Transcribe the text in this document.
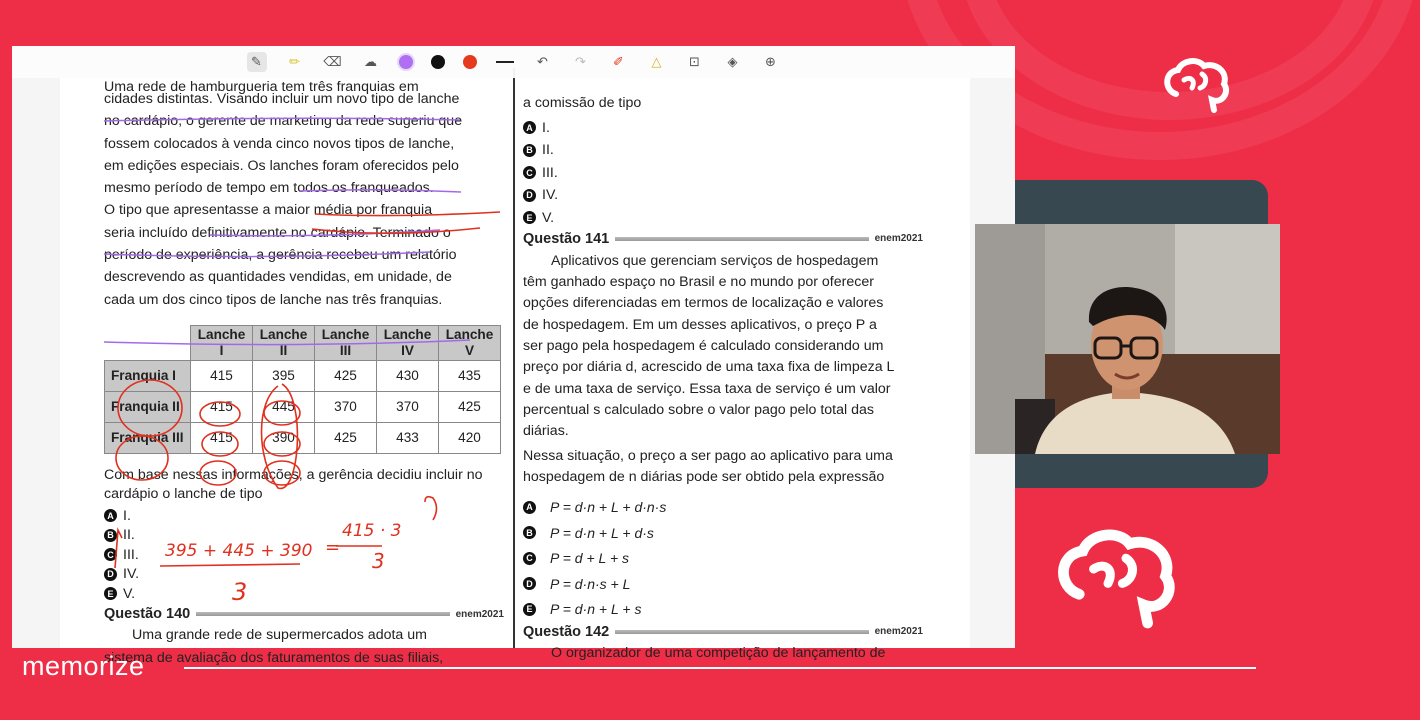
Uma rede de hamburgueria tem três franquias em
cidades distintas. Visando incluir um novo tipo de lanche
no cardápio, o gerente de marketing da rede sugeriu que
fossem colocados à venda cinco novos tipos de lanche,
em edições especiais. Os lanches foram oferecidos pelo
mesmo período de tempo em todos os franqueados.
O tipo que apresentasse a maior média por franquia
seria incluído definitivamente no cardápio. Terminado o
período de experiência, a gerência recebeu um relatório
descrevendo as quantidades vendidas, em unidade, de
cada um dos cinco tipos de lanche nas três franquias.
	Lanche I	Lanche II	Lanche III	Lanche IV	Lanche V
Franquia I	415	395	425	430	435
Franquia II	415	445	370	370	425
Franquia III	415	390	425	433	420
Com base nessas informações, a gerência decidiu incluir no cardápio o lanche de tipo
A I.
B II.
C III.
D IV.
E V.
Questão 140	enem2021
Uma grande rede de supermercados adota um
sistema de avaliação dos faturamentos de suas filiais,
a comissão de tipo
A I.
B II.
C III.
D IV.
E V.
Questão 141	enem2021
Aplicativos que gerenciam serviços de hospedagem
têm ganhado espaço no Brasil e no mundo por oferecer
opções diferenciadas em termos de localização e valores
de hospedagem. Em um desses aplicativos, o preço P a
ser pago pela hospedagem é calculado considerando um
preço por diária d, acrescido de uma taxa fixa de limpeza L
e de uma taxa de serviço. Essa taxa de serviço é um valor
percentual s calculado sobre o valor pago pelo total das
diárias.
Nessa situação, o preço a ser pago ao aplicativo para uma
hospedagem de n diárias pode ser obtido pela expressão
A P = d·n + L + d·n·s
B P = d·n + L + d·s
C P = d + L + s
D P = d·n·s + L
E P = d·n + L + s
Questão 142	enem2021
O organizador de uma competição de lançamento de
395 + 445 + 390 =
415 · 3
3
3
✎	✏	⌫ ☁	↶	↷	✐	△	⊡	◈	⊕
memorize
